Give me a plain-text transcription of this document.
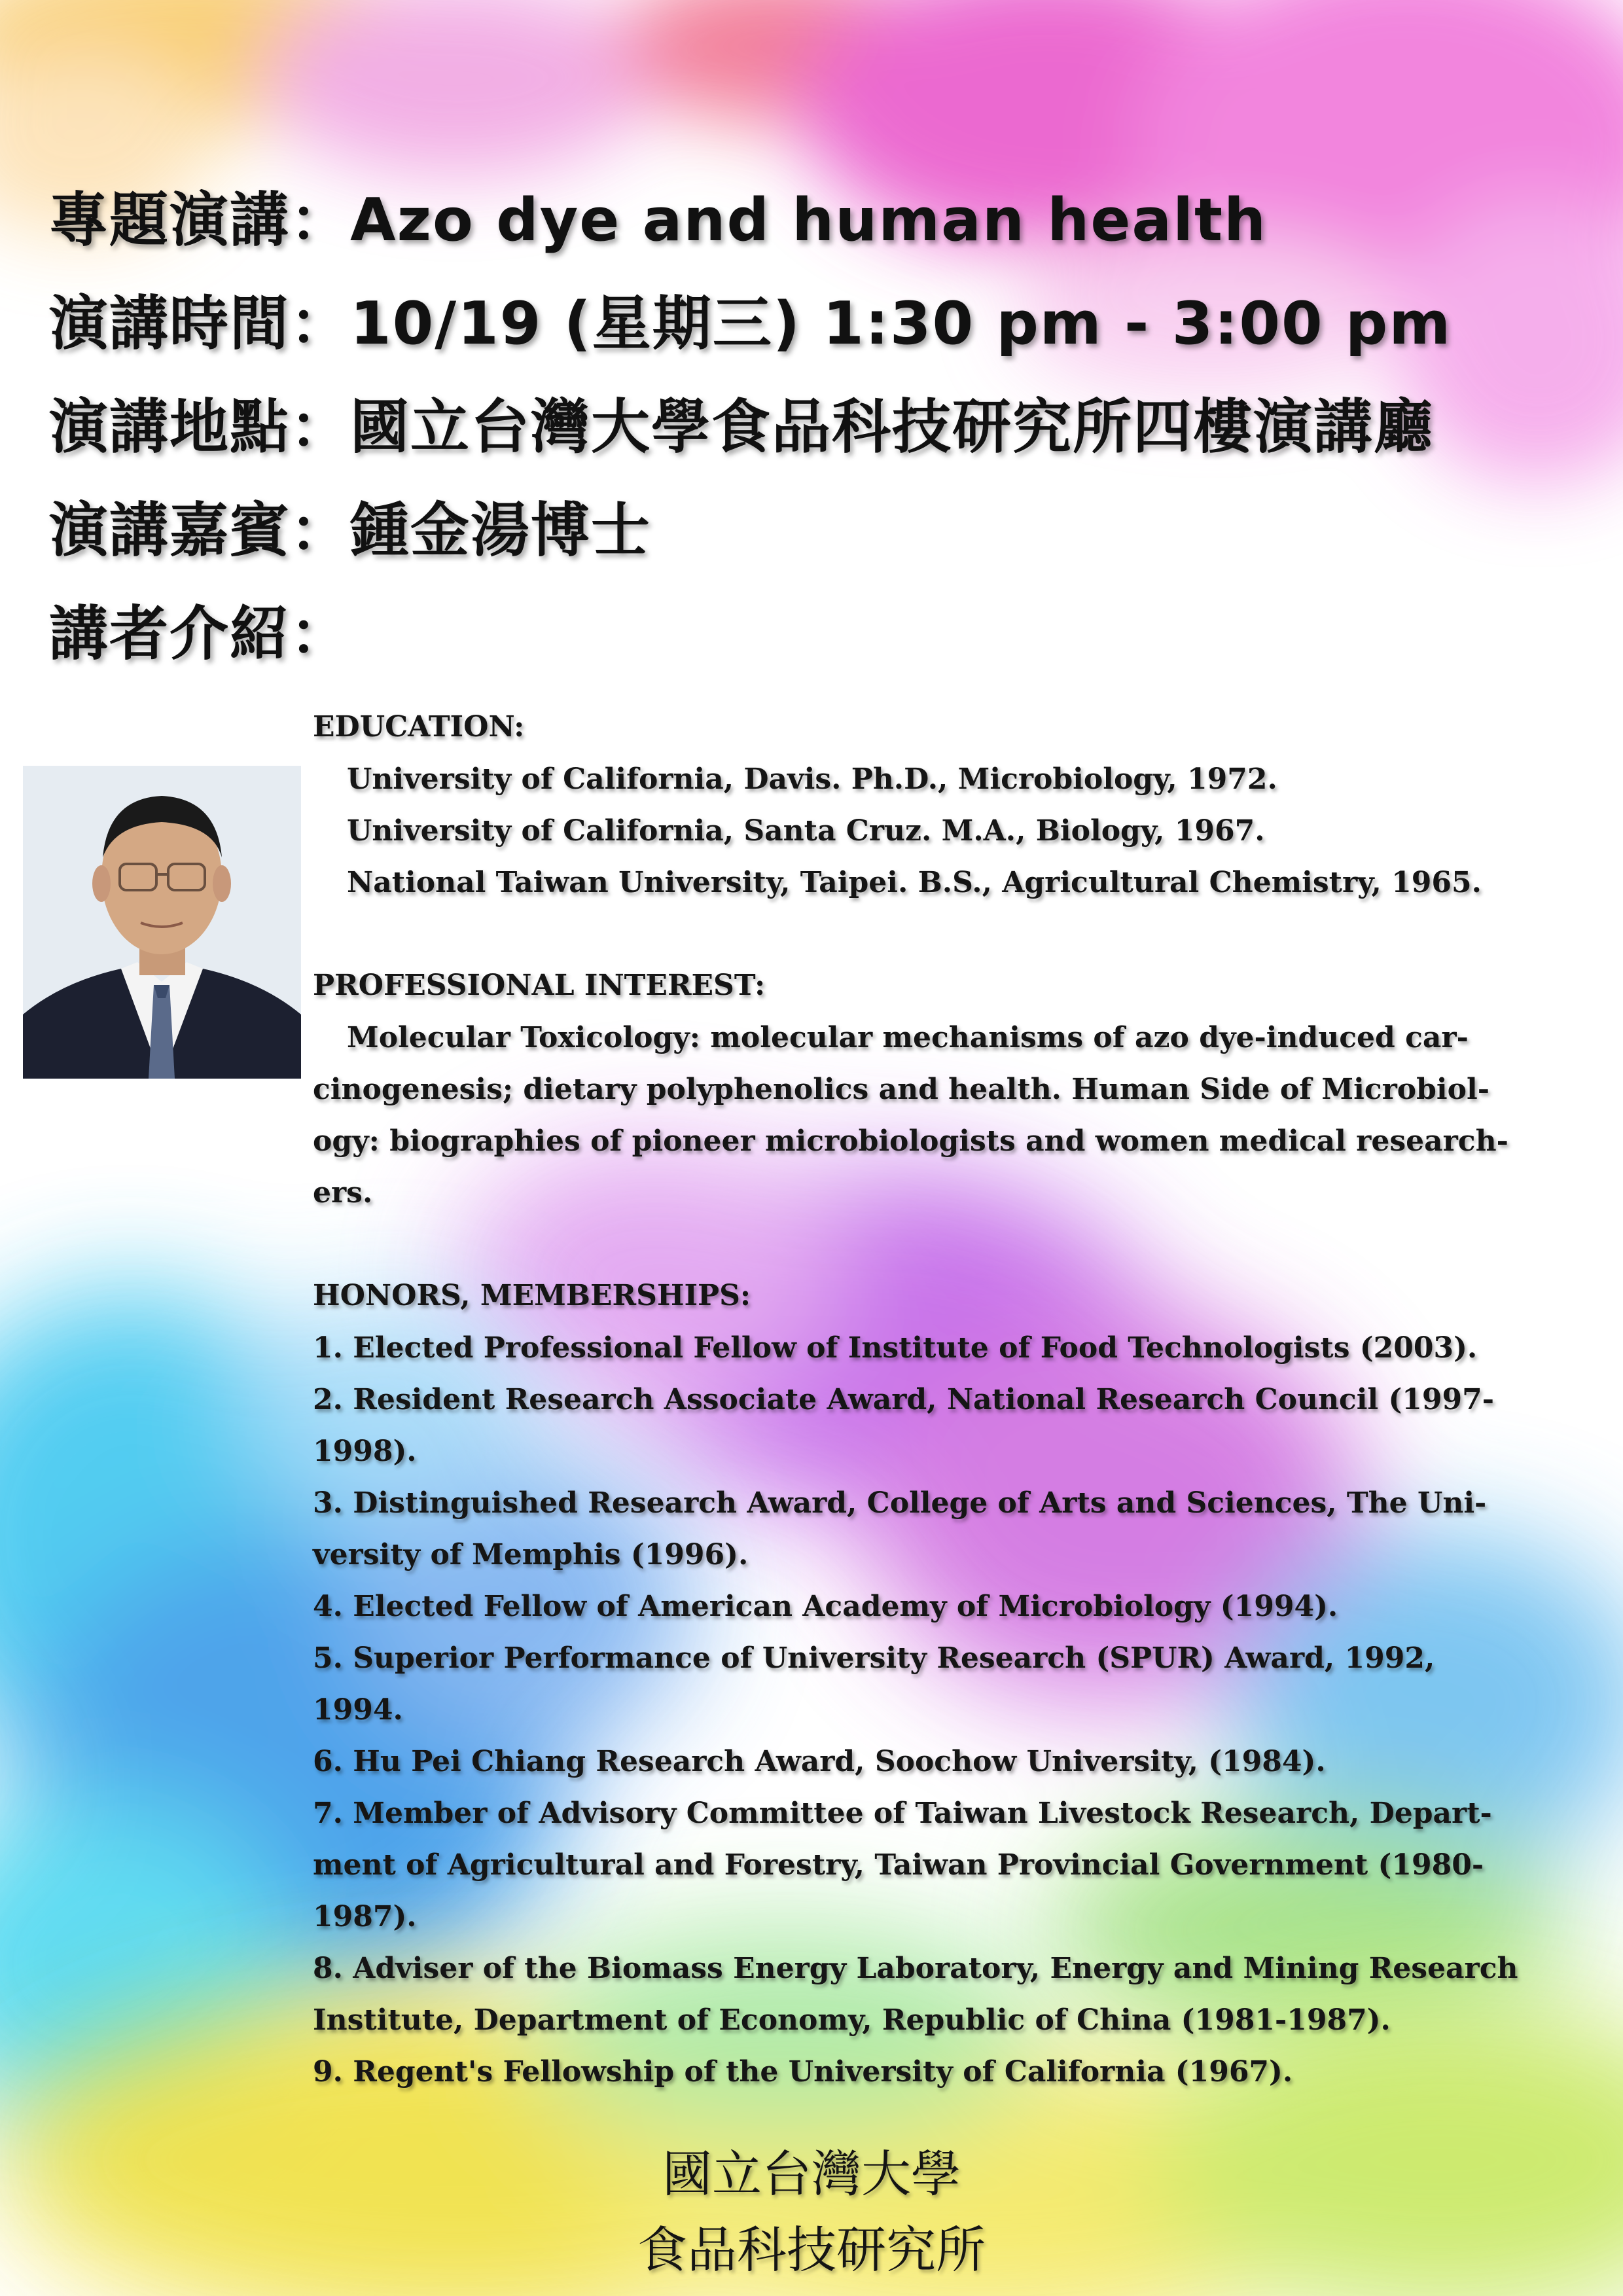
專題演講：Azo dye and human health
演講時間：10/19 (星期三) 1:30 pm - 3:00 pm
演講地點：國立台灣大學食品科技研究所四樓演講廳
演講嘉賓：鍾金湯博士
講者介紹：
EDUCATION:
University of California, Davis. Ph.D., Microbiology, 1972.
University of California, Santa Cruz. M.A., Biology, 1967.
National Taiwan University, Taipei. B.S., Agricultural Chemistry, 1965.
PROFESSIONAL INTEREST:
Molecular Toxicology: molecular mechanisms of azo dye-induced car-
cinogenesis; dietary polyphenolics and health. Human Side of Microbiol-
ogy: biographies of pioneer microbiologists and women medical research-
ers.
HONORS, MEMBERSHIPS:
1. Elected Professional Fellow of Institute of Food Technologists (2003).
2. Resident Research Associate Award, National Research Council (1997-
1998).
3. Distinguished Research Award, College of Arts and Sciences, The Uni-
versity of Memphis (1996).
4. Elected Fellow of American Academy of Microbiology (1994).
5. Superior Performance of University Research (SPUR) Award, 1992,
1994.
6. Hu Pei Chiang Research Award, Soochow University, (1984).
7. Member of Advisory Committee of Taiwan Livestock Research, Depart-
ment of Agricultural and Forestry, Taiwan Provincial Government (1980-
1987).
8. Adviser of the Biomass Energy Laboratory, Energy and Mining Research
Institute, Department of Economy, Republic of China (1981-1987).
9. Regent's Fellowship of the University of California (1967).
國立台灣大學
食品科技研究所
